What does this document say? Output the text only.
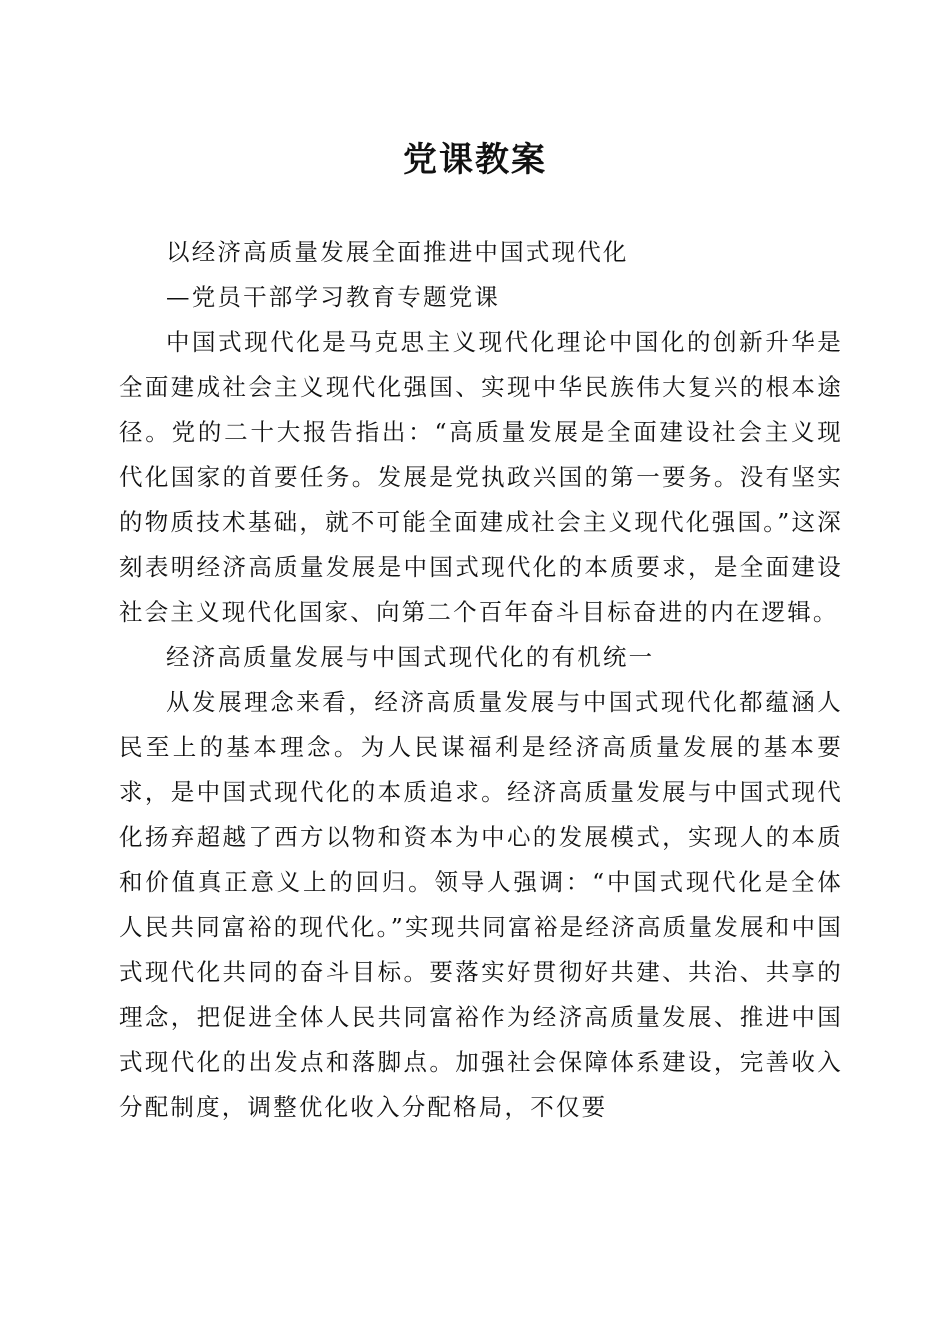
党课教案

以经济高质量发展全面推进中国式现代化

—党员干部学习教育专题党课

中国式现代化是马克思主义现代化理论中国化的创新升华是全面建成社会主义现代化强国、实现中华民族伟大复兴的根本途径。党的二十大报告指出：“高质量发展是全面建设社会主义现代化国家的首要任务。发展是党执政兴国的第一要务。没有坚实的物质技术基础，就不可能全面建成社会主义现代化强国。”这深刻表明经济高质量发展是中国式现代化的本质要求，是全面建设社会主义现代化国家、向第二个百年奋斗目标奋进的内在逻辑。

经济高质量发展与中国式现代化的有机统一

从发展理念来看，经济高质量发展与中国式现代化都蕴涵人民至上的基本理念。为人民谋福利是经济高质量发展的基本要求，是中国式现代化的本质追求。经济高质量发展与中国式现代化扬弃超越了西方以物和资本为中心的发展模式，实现人的本质和价值真正意义上的回归。领导人强调：“中国式现代化是全体人民共同富裕的现代化。”实现共同富裕是经济高质量发展和中国式现代化共同的奋斗目标。要落实好贯彻好共建、共治、共享的理念，把促进全体人民共同富裕作为经济高质量发展、推进中国式现代化的出发点和落脚点。加强社会保障体系建设，完善收入分配制度，调整优化收入分配格局，不仅要
